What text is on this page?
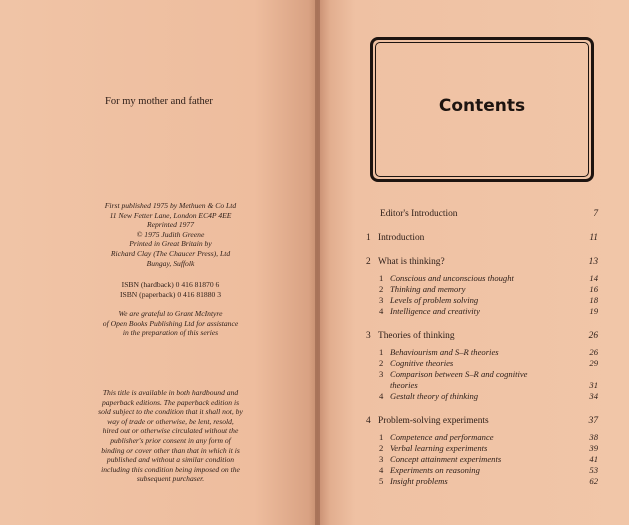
For my mother and father
First published 1975 by Methuen & Co Ltd
11 New Fetter Lane, London EC4P 4EE
Reprinted 1977
© 1975 Judith Greene
Printed in Great Britain by
Richard Clay (The Chaucer Press), Ltd
Bungay, Suffolk
ISBN (hardback) 0 416 81870 6
ISBN (paperback) 0 416 81880 3
We are grateful to Grant McIntyre
of Open Books Publishing Ltd for assistance
in the preparation of this series
This title is available in both hardbound and
paperback editions. The paperback edition is
sold subject to the condition that it shall not, by
way of trade or otherwise, be lent, resold,
hired out or otherwise circulated without the
publisher's prior consent in any form of
binding or cover other than that in which it is
published and without a similar condition
including this condition being imposed on the
subsequent purchaser.
Contents
Editor's Introduction	7
1 Introduction	11
2 What is thinking?	13
1 Conscious and unconscious thought	14
2 Thinking and memory	16
3 Levels of problem solving	18
4 Intelligence and creativity	19
3 Theories of thinking	26
1 Behaviourism and S–R theories	26
2 Cognitive theories	29
3 Comparison between S–R and cognitive
theories	31
4 Gestalt theory of thinking	34
4 Problem-solving experiments	37
1 Competence and performance	38
2 Verbal learning experiments	39
3 Concept attainment experiments	41
4 Experiments on reasoning	53
5 Insight problems	62
